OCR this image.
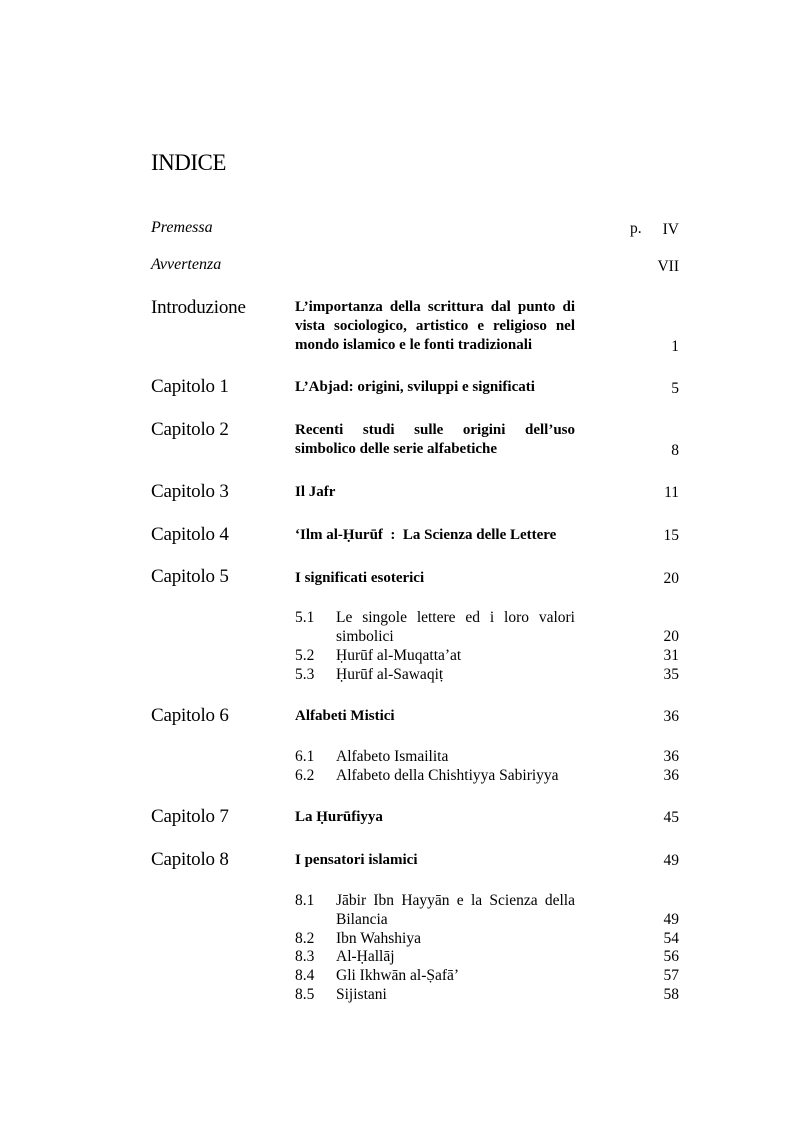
INDICE
Premessa	p. IV
Avvertenza	VII
Introduzione	L’importanza della scrittura dal punto di
vista sociologico, artistico e religioso nel
mondo islamico e le fonti tradizionali	1
Capitolo 1	L’Abjad: origini, sviluppi e significati	5
Capitolo 2	Recenti studi sulle origini dell’uso
simbolico delle serie alfabetiche	8
Capitolo 3	Il Jafr	11
Capitolo 4	‘Ilm al-Ḥurūf  :  La Scienza delle Lettere	15
Capitolo 5	I significati esoterici	20
5.1 Le singole lettere ed i loro valori
simbolici	20
5.2 Ḥurūf al-Muqatta’at	31
5.3 Ḥurūf al-Sawaqiṭ	35
Capitolo 6	Alfabeti Mistici	36
6.1 Alfabeto Ismailita	36
6.2 Alfabeto della Chishtiyya Sabiriyya	36
Capitolo 7	La Ḥurūfiyya	45
Capitolo 8	I pensatori islamici	49
8.1 Jābir Ibn Hayyān e la Scienza della
Bilancia	49
8.2 Ibn Wahshiya	54
8.3 Al-Ḥallāj	56
8.4 Gli Ikhwān al-Ṣafā’	57
8.5 Sijistani	58
